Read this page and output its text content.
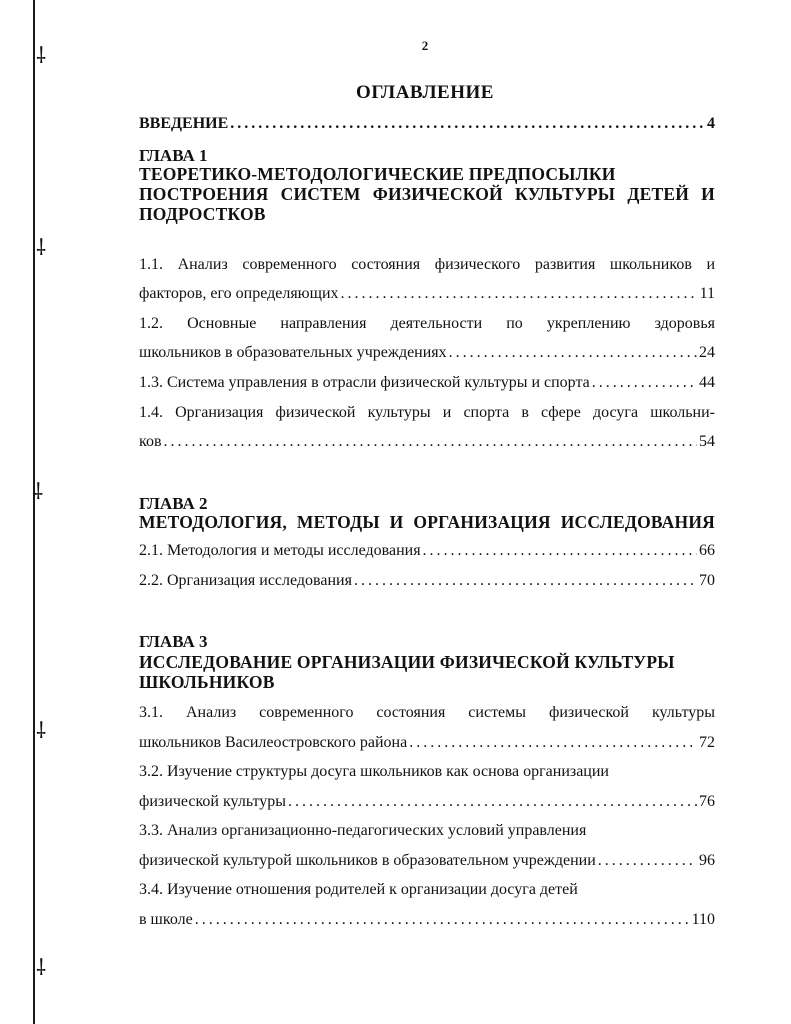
⸸
⸸
⸸
⸸
⸸
2
ОГЛАВЛЕНИЕ
ВВЕДЕНИЕ .....	4
ГЛАВА 1
ТЕОРЕТИКО-МЕТОДОЛОГИЧЕСКИЕ ПРЕДПОСЫЛКИ
ПОСТРОЕНИЯ СИСТЕМ ФИЗИЧЕСКОЙ КУЛЬТУРЫ ДЕТЕЙ И
ПОДРОСТКОВ
1.1. Анализ современного состояния физического развития школьников и
факторов, его определяющих .....	11
1.2. Основные направления деятельности по укреплению здоровья
школьников в образовательных учреждениях .....	24
1.3. Система управления в отрасли физической культуры и спорта .....	44
1.4. Организация физической культуры и спорта в сфере досуга школьни-
ков .....	54
ГЛАВА 2
МЕТОДОЛОГИЯ, МЕТОДЫ И ОРГАНИЗАЦИЯ ИССЛЕДОВАНИЯ
2.1. Методология и методы исследования .....	66
2.2. Организация исследования .....	70
ГЛАВА 3
ИССЛЕДОВАНИЕ ОРГАНИЗАЦИИ ФИЗИЧЕСКОЙ КУЛЬТУРЫ
ШКОЛЬНИКОВ
3.1. Анализ современного состояния системы физической культуры
школьников Василеостровского района .....	72
3.2. Изучение структуры досуга школьников как основа организации
физической культуры .....	76
3.3. Анализ организационно-педагогических условий управления
физической культурой школьников в образовательном учреждении .....	96
3.4. Изучение отношения родителей к организации досуга детей
в школе .....	110
